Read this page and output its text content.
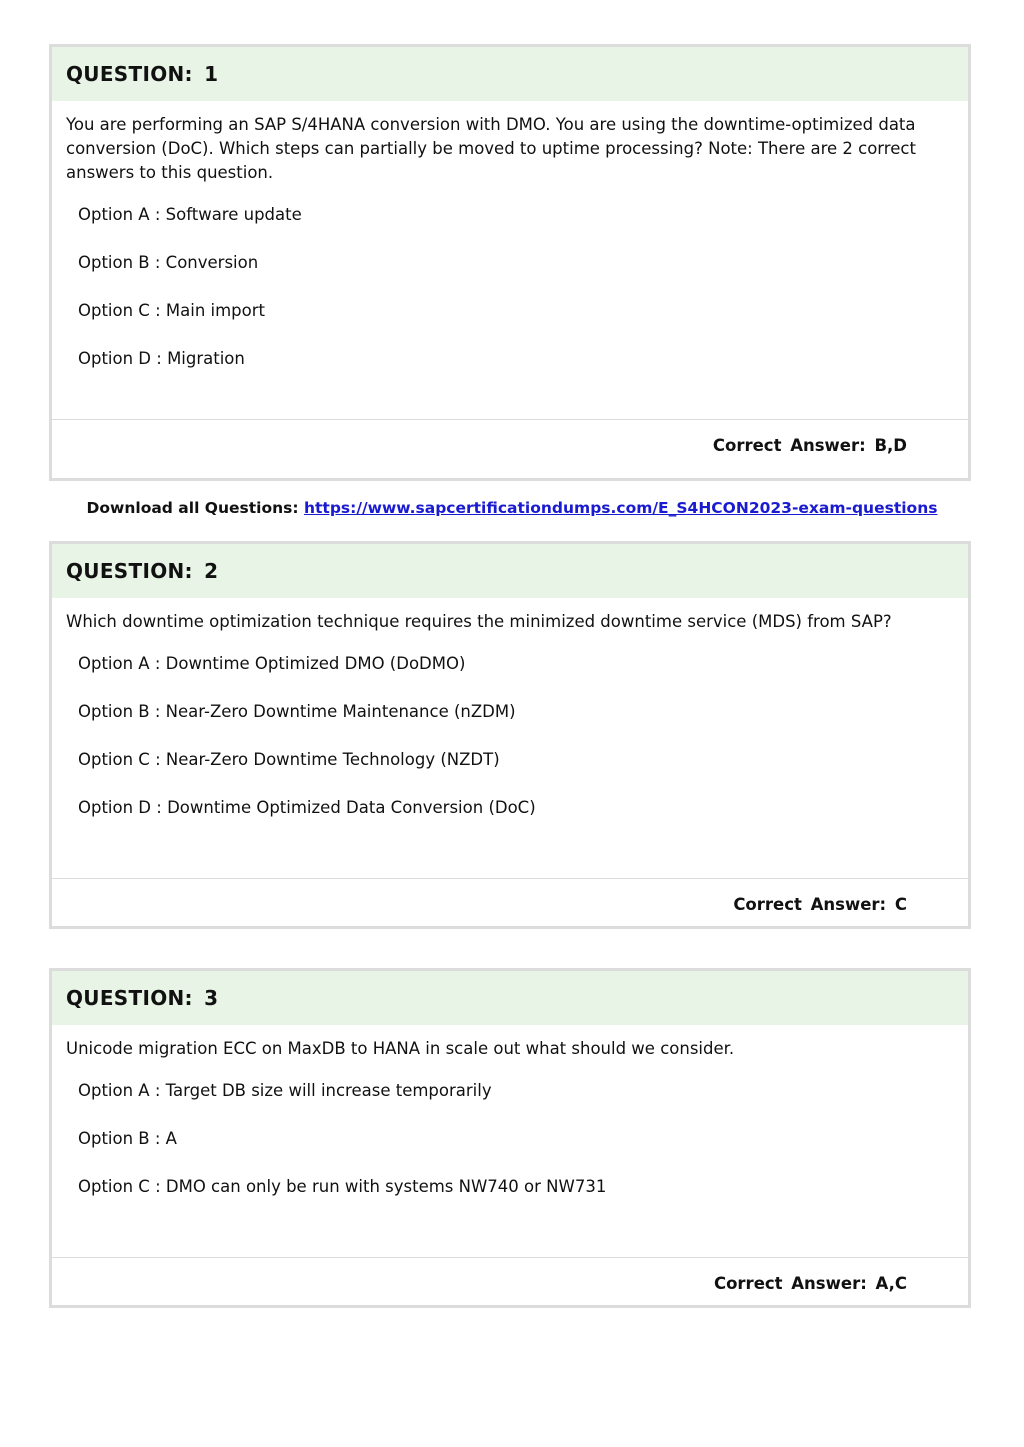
QUESTION: 1

You are performing an SAP S/4HANA conversion with DMO. You are using the downtime-optimized data conversion (DoC). Which steps can partially be moved to uptime processing? Note: There are 2 correct answers to this question.

Option A : Software update
Option B : Conversion
Option C : Main import
Option D : Migration
Correct Answer: B,D
Download all Questions: https://www.sapcertificationdumps.com/E_S4HCON2023-exam-questions
QUESTION: 2

Which downtime optimization technique requires the minimized downtime service (MDS) from SAP?

Option A : Downtime Optimized DMO (DoDMO)
Option B : Near-Zero Downtime Maintenance (nZDM)
Option C : Near-Zero Downtime Technology (NZDT)
Option D : Downtime Optimized Data Conversion (DoC)
Correct Answer: C
QUESTION: 3

Unicode migration ECC on MaxDB to HANA in scale out what should we consider.

Option A : Target DB size will increase temporarily
Option B : A
Option C : DMO can only be run with systems NW740 or NW731
Correct Answer: A,C
